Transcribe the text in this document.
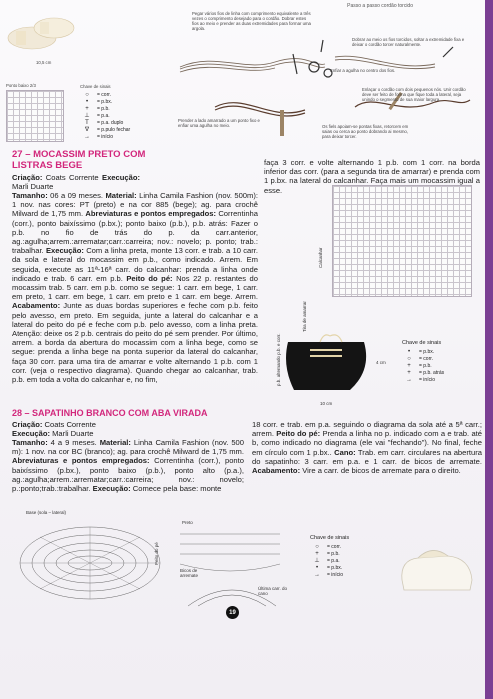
Passo a passo cordão torcido
10,5 cm
Ponto baixo 2/3	Chave de sinais
○	= corr.
•	= p.bx.
+	= p.b.
⊥	= p.a.
T	= p.a. duplo
∇	= p.pulo fechar
→	= início
Pegar vários fios de linha com comprimento equivalente a três vezes o comprimento desejado para o cordão. Dobrar estes fios ao meio e prender as duas extremidades para formar uma argola.
Dobrar ao meio os fios torcidos, soltar a extremidade fixa e deixar o cordão torcer naturalmente.
Enfiar a agulha no centro dos fios.
Prender a lado amarrado a um ponto fixo e enfiar uma agulha no meio.
Enlaçar o cordão com dois pequenos nós. Unir cordão deve ser feito de forma que fique toda a lateral, seja unindo o segmento de sua maior largura.
Os fiels apoiam-se pontas fixas, retorcem em saias ou cerca ao ponto dobrando ai mesmo, para deixar torcer.
27 – MOCASSIM PRETO COM
LISTRAS BEGE
Criação: Coats Corrente Execução: Marli Duarte
Tamanho: 06 a 09 meses. Material: Linha Camila Fashion (nov. 500m): 1 nov. nas cores: PT (preto) e na cor 885 (bege); ag. para crochê Milward de 1,75 mm. Abreviaturas e pontos empregados: Correntinha (corr.), ponto baixíssimo (p.bx.); ponto baixo (p.b.), p.b. atrás: Fazer o p.b. no fio de trás do p. da carr.anterior, ag.:agulha;arrem.:arrematar;carr.:carreira; nov.: novelo; p. ponto; trab.: trabalhar. Execução: Com a linha preta, monte 13 corr. e trab. a 10 carr. da sola e lateral do mocassim em p.b., como indicado. Arrem. Em seguida, execute as 11ª-16ª carr. do calcanhar: prenda a linha onde indicado e trab. 6 carr. em p.b. Peito do pé: Nos 22 p. restantes do mocassim trab. 5 carr. em p.b. como se segue: 1 carr. em bege, 1 carr. em preto, 1 carr. em bege, 1 carr. em preto e 1 carr. em bege. Arrem. Acabamento: Junte as duas bordas superiores e feche com p.b. feito pelo avesso, em preto. Em seguida, junte a lateral do calcanhar e a lateral do peito do pé e feche com p.b. pelo avesso, com a linha preta. Atenção: deixe os 2 p.b. centrais do peito do pé sem prender. Por último, arrem. a borda da abertura do mocassim com a linha bege, como se segue: prenda a linha bege na ponta superior da lateral do calcanhar, faça 30 corr. para uma tira de amarrar e volte alternando 1 p.b. com 1 corr. (veja o respectivo diagrama). Quando chegar ao calcanhar, trab. p.b. em toda a volta do calcanhar e, no fim,
faça 3 corr. e volte alternando 1 p.b. com 1 corr. na borda inferior das corr. (para a segunda tira de amarrar) e prenda com 1 p.bx. na lateral do calcanhar. Faça mais um mocassim igual a esse.
Calcanhar
Tira de amarrar
10 cm
4 cm
p.b. alternando p.b. e corr.	Chave de sinais
•	= p.bx.
○	= corr.
+	= p.b.
+	= p.b. atrás
→	= início
28 – SAPATINHO BRANCO COM ABA VIRADA
Criação: Coats Corrente
Execução: Marli Duarte
Tamanho: 4 a 9 meses. Material: Linha Camila Fashion (nov. 500 m): 1 nov. na cor BC (branco); ag. para crochê Milward de 1,75 mm. Abreviaturas e pontos empregados: Correntinha (corr.), ponto baixíssimo (p.bx.), ponto baixo (p.b.), ponto alto (p.a.), ag.:agulha;arrem.:arrematar;carr.:carreira; nov.: novelo; p.:ponto;trab.:trabalhar. Execução: Comece pela base: monte
18 corr. e trab. em p.a. seguindo o diagrama da sola até a 5ª carr.; arrem. Peito do pé: Prenda a linha no p. indicado com a e trab. até b, como indicado no diagrama (ele vai "fechando"). No final, feche em círculo com 1 p.bx.. Cano: Trab. em carr. circulares na abertura do sapatinho: 3 carr. em p.a. e 1 carr. de bicos de arremate. Acabamento: Vire a carr. de bicos de arremate para o direito.
Base (sola – lateral)
Preto
Bicos de arremate
Peito do pé
Última carr. do cano
Chave de sinais
○	= corr.
+	= p.b.
⊥	= p.a.
•	= p.bx.
→	= início
19
